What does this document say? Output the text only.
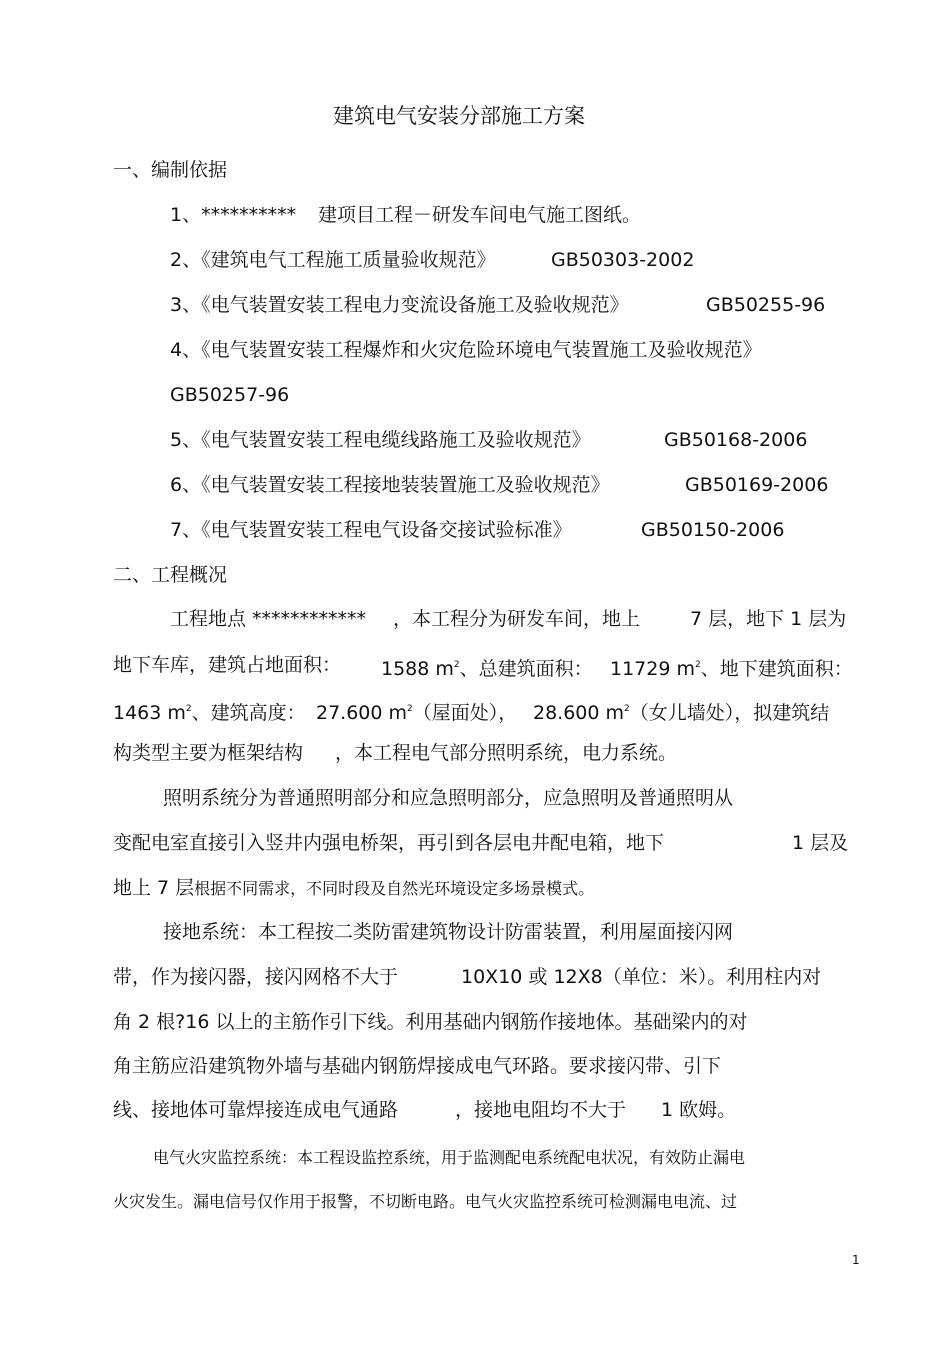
建筑电气安装分部施工方案
一、编制依据
1、********** 建项目工程－研发车间电气施工图纸。
2、《建筑电气工程施工质量验收规范》	GB50303-2002
3、《电气装置安装工程电力变流设备施工及验收规范》	GB50255-96
4、《电气装置安装工程爆炸和火灾危险环境电气装置施工及验收规范》
GB50257-96
5、《电气装置安装工程电缆线路施工及验收规范》	GB50168-2006
6、《电气装置安装工程接地装装置施工及验收规范》	GB50169-2006
7、《电气装置安装工程电气设备交接试验标准》	GB50150-2006
二、工程概况
工程地点 ************ ，本工程分为研发车间，地上	7 层，地下 1 层为
地下车库，建筑占地面积： 1588 $m^2$、总建筑面积： 11729 $m^2$、地下建筑面积：
1463 $m^2$、建筑高度： 27.600 $m^2$（屋面处）， 28.600 $m^2$（女儿墙处），拟建筑结
构类型主要为框架结构 ，本工程电气部分照明系统，电力系统。
照明系统分为普通照明部分和应急照明部分，应急照明及普通照明从
变配电室直接引入竖井内强电桥架，再引到各层电井配电箱，地下	1 层及
地上 7 层根据不同需求，不同时段及自然光环境设定多场景模式。
接地系统：本工程按二类防雷建筑物设计防雷装置，利用屋面接闪网
带，作为接闪器，接闪网格不大于	10X10 或 12X8（单位：米）。利用柱内对
角 2 根?16 以上的主筋作引下线。利用基础内钢筋作接地体。基础梁内的对
角主筋应沿建筑物外墙与基础内钢筋焊接成电气环路。要求接闪带、引下
线、接地体可靠焊接连成电气通路	，接地电阻均不大于 1 欧姆。
电气火灾监控系统：本工程设监控系统，用于监测配电系统配电状况，有效防止漏电
火灾发生。漏电信号仅作用于报警，不切断电路。电气火灾监控系统可检测漏电电流、过
1
